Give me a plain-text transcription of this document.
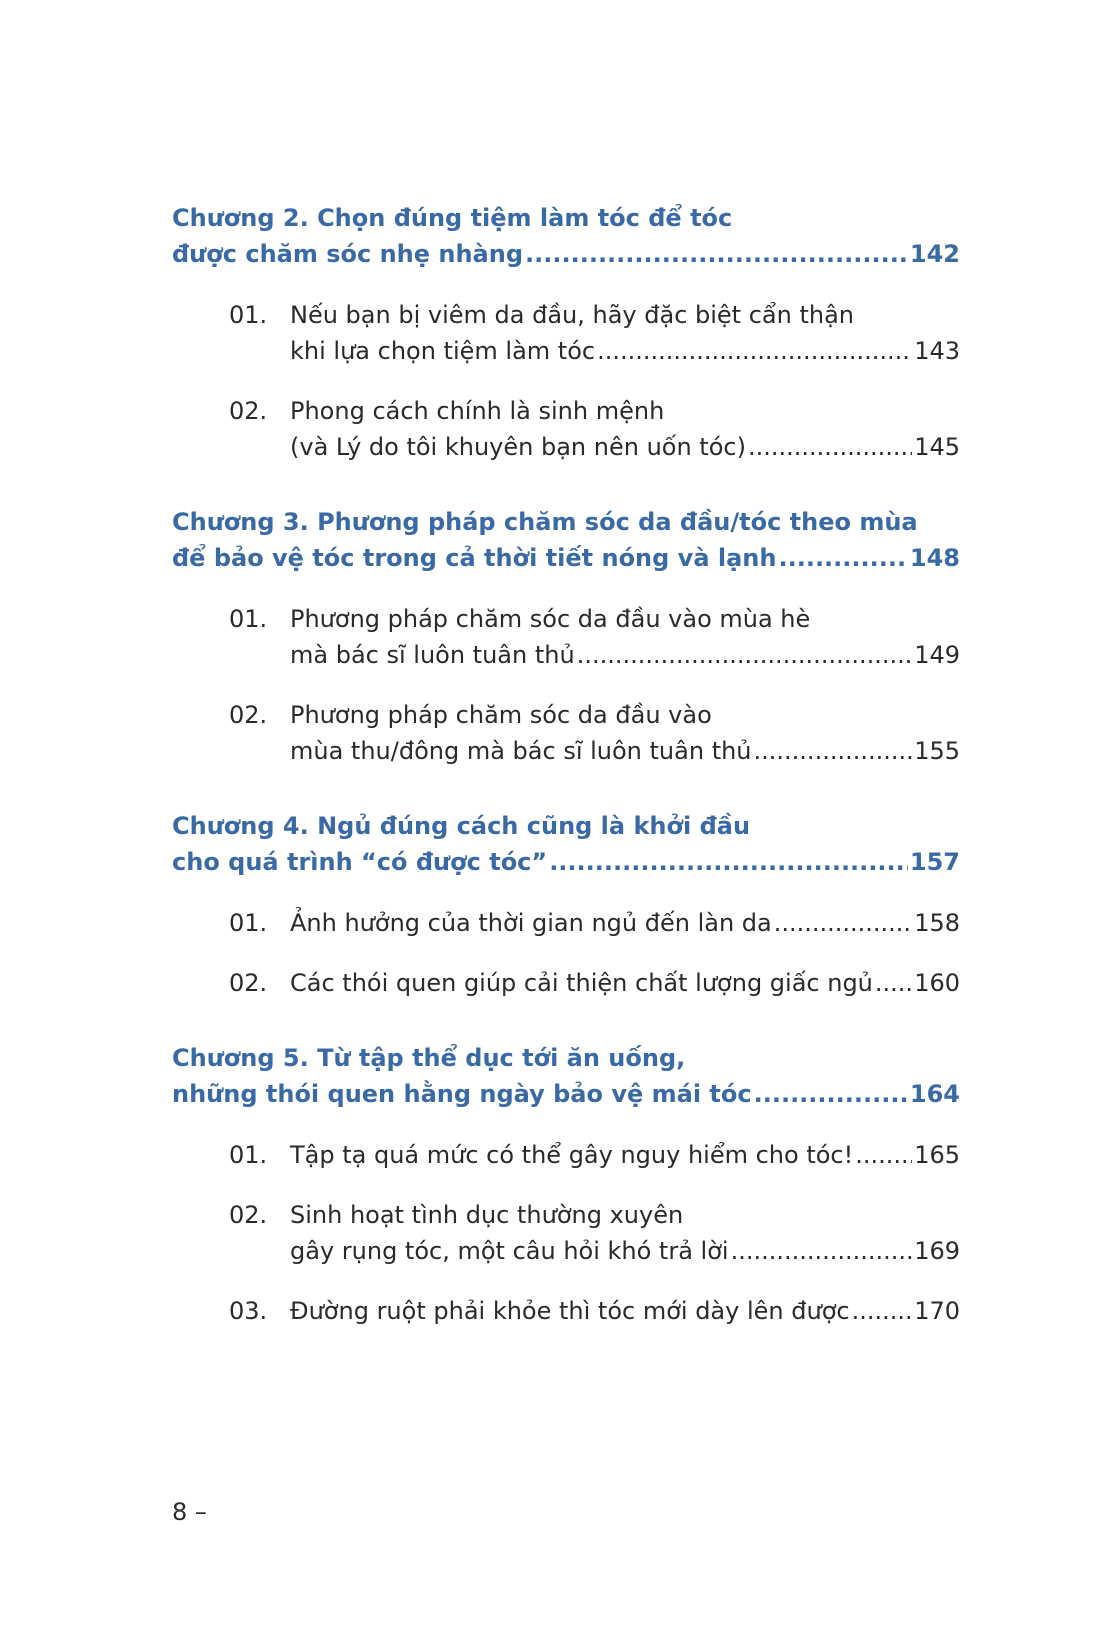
Chương 2. Chọn đúng tiệm làm tóc để tóc
được chăm sóc nhẹ nhàng .....	142
01. Nếu bạn bị viêm da đầu, hãy đặc biệt cẩn thận
khi lựa chọn tiệm làm tóc .....	143
02. Phong cách chính là sinh mệnh
(và Lý do tôi khuyên bạn nên uốn tóc) .....	145
Chương 3. Phương pháp chăm sóc da đầu/tóc theo mùa
để bảo vệ tóc trong cả thời tiết nóng và lạnh .....	148
01. Phương pháp chăm sóc da đầu vào mùa hè
mà bác sĩ luôn tuân thủ .....	149
02. Phương pháp chăm sóc da đầu vào
mùa thu/đông mà bác sĩ luôn tuân thủ .....	155
Chương 4. Ngủ đúng cách cũng là khởi đầu
cho quá trình “có được tóc” .....	157
01. Ảnh hưởng của thời gian ngủ đến làn da .....	158
02. Các thói quen giúp cải thiện chất lượng giấc ngủ ..... 160
Chương 5. Từ tập thể dục tới ăn uống,
những thói quen hằng ngày bảo vệ mái tóc .....	164
01. Tập tạ quá mức có thể gây nguy hiểm cho tóc! .....	165
02. Sinh hoạt tình dục thường xuyên
gây rụng tóc, một câu hỏi khó trả lời .....	169
03. Đường ruột phải khỏe thì tóc mới dày lên được .....	170
8 –
